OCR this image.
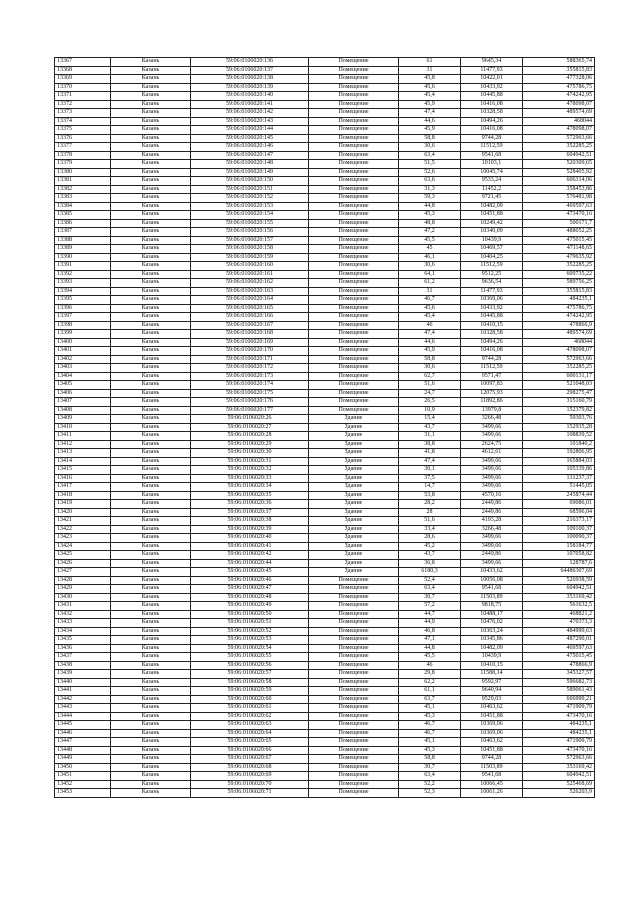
13367	Казань	59:06:0106020:136	Помещение	61	9645,34	588365,74
13368	Казань	59:06:0106020:137	Помещение	31	11477,93	355815,83
13369	Казань	59:06:0106020:138	Помещение	45,8	10422,01	477328,06
13370	Казань	59:06:0106020:139	Помещение	45,6	10433,92	475786,75
13371	Казань	59:06:0106020:140	Помещение	45,4	10445,88	474242,95
13372	Казань	59:06:0106020:141	Помещение	45,9	10416,08	478098,07
13373	Казань	59:06:0106020:142	Помещение	47,4	10328,58	489574,69
13374	Казань	59:06:0106020:143	Помещение	44,6	10494,26	468044
13375	Казань	59:06:0106020:144	Помещение	45,9	10416,08	478098,07
13376	Казань	59:06:0106020:145	Помещение	58,8	9744,28	572963,66
13377	Казань	59:06:0106020:146	Помещение	30,6	11512,59	352285,25
13378	Казань	59:06:0106020:147	Помещение	63,4	9541,68	604942,51
13379	Казань	59:06:0106020:148	Помещение	51,5	10103,1	520309,65
13380	Казань	59:06:0106020:149	Помещение	52,6	10045,74	528405,92
13381	Казань	59:06:0106020:150	Помещение	63,6	9533,24	606314,06
13382	Казань	59:06:0106020:151	Помещение	31,3	11452,2	358453,86
13383	Казань	59:06:0106020:152	Помещение	59,3	9721,45	576481,98
13384	Казань	59:06:0106020:153	Помещение	44,8	10482,09	469597,63
13385	Казань	59:06:0106020:154	Помещение	45,3	10451,88	473470,16
13386	Казань	59:06:0106020:155	Помещение	48,8	10249,42	500171,7
13387	Казань	59:06:0106020:156	Помещение	47,2	10340,09	488052,25
13388	Казань	59:06:0106020:157	Помещение	45,5	10439,9	475015,45
13389	Казань	59:06:0106020:158	Помещение	45	10469,57	471148,65
13390	Казань	59:06:0106020:159	Помещение	46,1	10404,25	479635,92
13391	Казань	59:06:0106020:160	Помещение	30,6	11512,59	352285,25
13392	Казань	59:06:0106020:161	Помещение	64,1	9512,25	609735,22
13393	Казань	59:06:0106020:162	Помещение	61,2	9636,54	589756,25
13394	Казань	59:06:0106020:163	Помещение	31	11477,93	355815,83
13395	Казань	59:06:0106020:164	Помещение	46,7	10369,06	484235,1
13396	Казань	59:06:0106020:165	Помещение	45,6	10433,92	475786,75
13397	Казань	59:06:0106020:166	Помещение	45,4	10445,88	474242,95
13398	Казань	59:06:0106020:167	Помещение	46	10410,15	478866,9
13399	Казань	59:06:0106020:168	Помещение	47,4	10328,58	489574,69
13400	Казань	59:06:0106020:169	Помещение	44,6	10494,26	468044
13401	Казань	59:06:0106020:170	Помещение	45,9	10416,08	478098,07
13402	Казань	59:06:0106020:171	Помещение	58,8	9744,28	572963,66
13403	Казань	59:06:0106020:172	Помещение	30,6	11512,59	352285,25
13404	Казань	59:06:0106020:173	Помещение	62,7	9571,47	600131,17
13405	Казань	59:06:0106020:174	Помещение	51,6	10097,83	521048,03
13406	Казань	59:06:0106020:175	Помещение	24,7	12075,93	298275,47
13407	Казань	59:06:0106020:176	Помещение	26,5	11892,86	315160,79
13408	Казань	59:06:0106020:177	Помещение	10,9	13979,8	152379,82
13409	Казань	59:06:0106020:26	Здание	15,4	3266,48	50303,76
13410	Казань	59:06:0106020:27	Здание	43,7	3499,66	152935,28
13411	Казань	59:06:0106020:28	Здание	31,1	3499,66	108839,52
13412	Казань	59:06:0106020:29	Здание	38,8	2624,75	101840,2
13413	Казань	59:06:0106020:30	Здание	41,8	4612,61	192806,95
13414	Казань	59:06:0106020:31	Здание	47,4	3499,66	165884,03
13415	Казань	59:06:0106020:32	Здание	30,1	3499,66	105339,86
13416	Казань	59:06:0106020:33	Здание	37,5	3499,66	131237,37
13417	Казань	59:06:0106020:34	Здание	14,7	3499,66	51445,05
13418	Казань	59:06:0106020:35	Здание	53,8	4570,16	245874,44
13419	Казань	59:06:0106020:36	Здание	28,2	2449,86	69086,01
13420	Казань	59:06:0106020:37	Здание	28	2449,86	68596,04
13421	Казань	59:06:0106020:38	Здание	51,6	4193,28	216373,17
13422	Казань	59:06:0106020:39	Здание	33,4	3266,48	109100,37
13423	Казань	59:06:0106020:40	Здание	28,6	3499,66	100090,37
13424	Казань	59:06:0106020:41	Здание	45,2	3499,66	158184,77
13425	Казань	59:06:0106020:42	Здание	43,7	2449,86	107058,82
13426	Казань	59:06:0106020:44	Здание	36,8	3499,66	128787,6
13427	Казань	59:06:0106020:45	Здание	6180,3	10433,62	64486307,69
13428	Казань	59:06:0106020:46	Помещение	52,4	10056,08	526938,59
13429	Казань	59:06:0106020:47	Помещение	63,4	9541,68	604942,51
13430	Казань	59:06:0106020:48	Помещение	30,7	11503,89	353169,42
13431	Казань	59:06:0106020:49	Помещение	57,2	9818,75	561632,5
13432	Казань	59:06:0106020:50	Помещение	44,7	10488,17	468821,2
13433	Казань	59:06:0106020:51	Помещение	44,9	10476,02	470373,3
13434	Казань	59:06:0106020:52	Помещение	46,8	10363,24	484999,63
13435	Казань	59:06:0106020:53	Помещение	47,1	10345,86	487290,01
13436	Казань	59:06:0106020:54	Помещение	44,8	10482,09	469597,63
13437	Казань	59:06:0106020:55	Помещение	45,5	10439,9	475015,45
13438	Казань	59:06:0106020:56	Помещение	46	10410,15	478866,9
13439	Казань	59:06:0106020:57	Помещение	29,8	11588,14	345327,57
13440	Казань	59:06:0106020:58	Помещение	62,2	9592,97	596682,73
13441	Казань	59:06:0106020:59	Помещение	61,1	9640,94	589061,43
13442	Казань	59:06:0106020:60	Помещение	63,7	9529,03	606999,21
13443	Казань	59:06:0106020:61	Помещение	45,1	10463,62	471909,79
13444	Казань	59:06:0106020:62	Помещение	45,3	10451,88	473470,16
13445	Казань	59:06:0106020:63	Помещение	46,7	10369,06	484235,1
13446	Казань	59:06:0106020:64	Помещение	46,7	10369,06	484235,1
13447	Казань	59:06:0106020:65	Помещение	45,1	10463,62	471909,79
13448	Казань	59:06:0106020:66	Помещение	45,3	10451,88	473470,16
13449	Казань	59:06:0106020:67	Помещение	58,8	9744,28	572963,66
13450	Казань	59:06:0106020:68	Помещение	30,7	11503,89	353169,42
13451	Казань	59:06:0106020:69	Помещение	63,4	9541,68	604942,51
13452	Казань	59:06:0106020:70	Помещение	52,2	10066,45	525468,69
13453	Казань	59:06:0106020:71	Помещение	52,3	10061,26	526203,9
